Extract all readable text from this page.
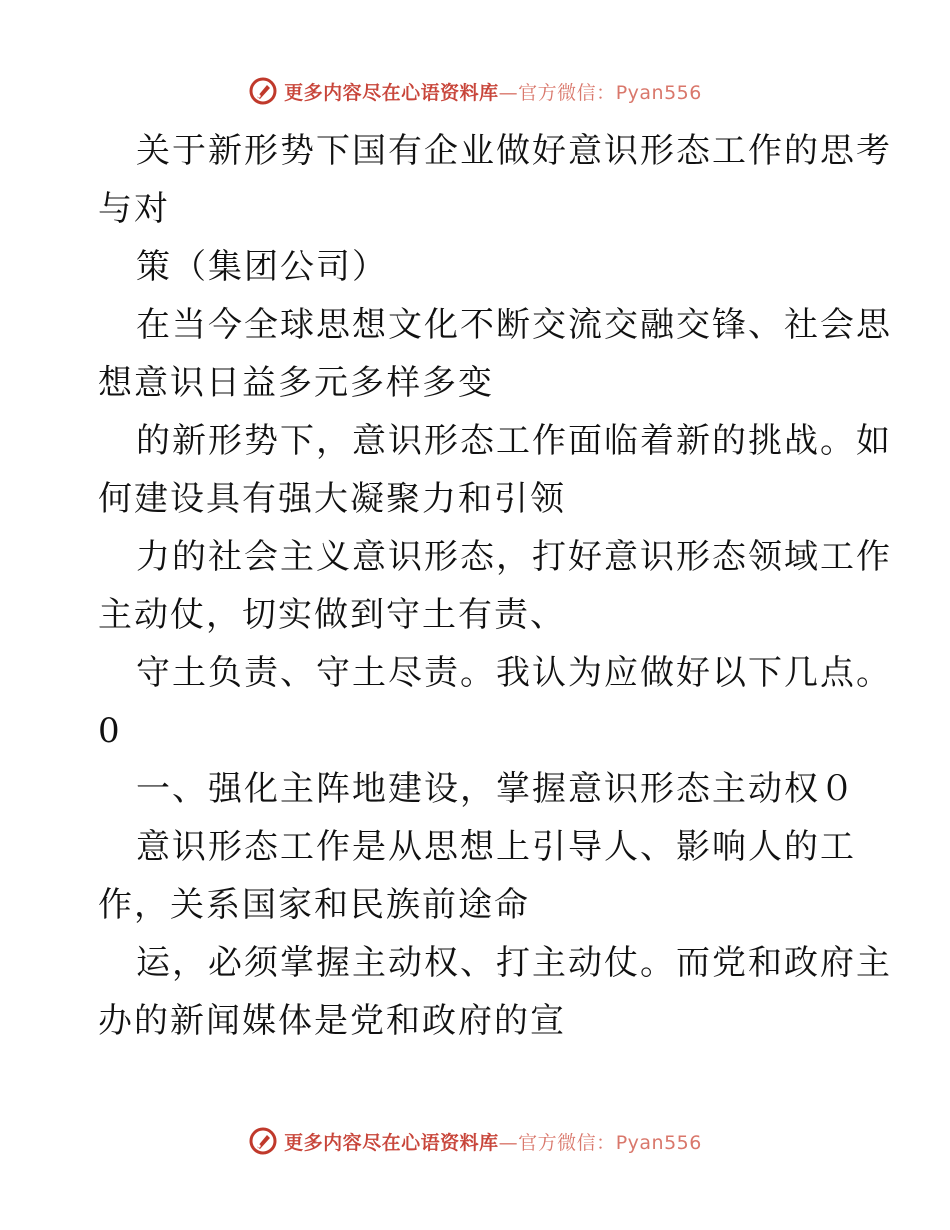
更多内容尽在心语资料库—官方微信：Pyan556
关于新形势下国有企业做好意识形态工作的思考
与对
策（集团公司）
在当今全球思想文化不断交流交融交锋、社会思
想意识日益多元多样多变
的新形势下，意识形态工作面临着新的挑战。如
何建设具有强大凝聚力和引领
力的社会主义意识形态，打好意识形态领域工作
主动仗，切实做到守土有责、
守土负责、守土尽责。我认为应做好以下几点。
0
一、强化主阵地建设，掌握意识形态主动权０
意识形态工作是从思想上引导人、影响人的工
作，关系国家和民族前途命
运，必须掌握主动权、打主动仗。而党和政府主
办的新闻媒体是党和政府的宣
更多内容尽在心语资料库—官方微信：Pyan556
